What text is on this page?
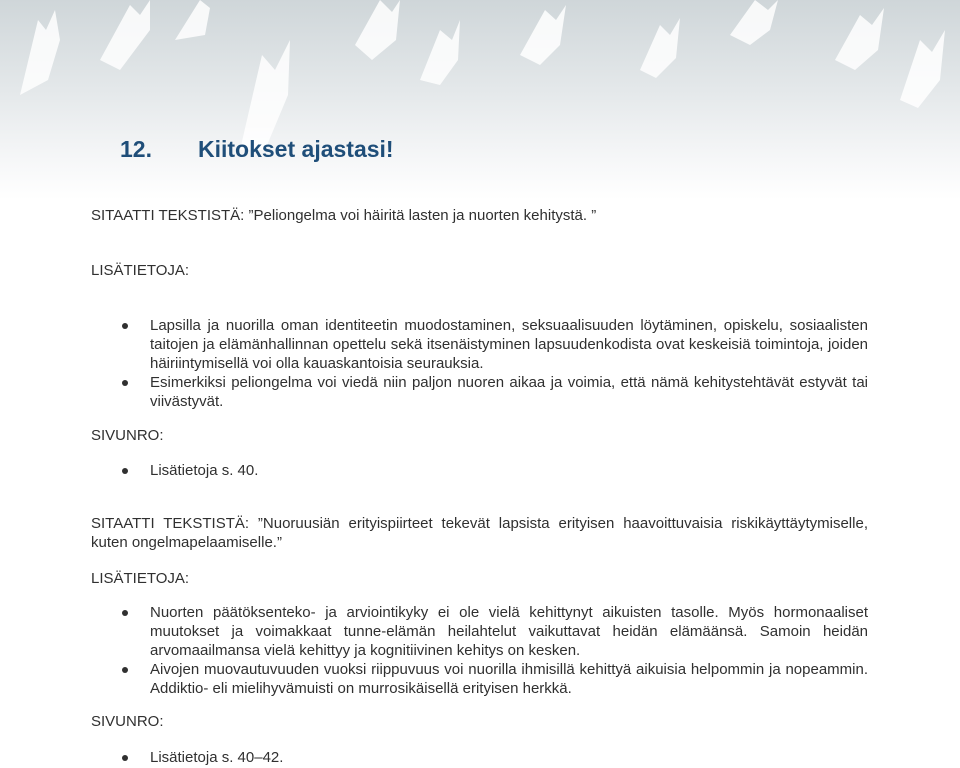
12. Kiitokset ajastasi!

SITAATTI TEKSTISTÄ: ”Peliongelma voi häiritä lasten ja nuorten kehitystä. ”

LISÄTIETOJA:

Lapsilla ja nuorilla oman identiteetin muodostaminen, seksuaalisuuden löytäminen, opiskelu, sosiaalisten taitojen ja elämänhallinnan opettelu sekä itsenäistyminen lapsuudenkodista ovat keskeisiä toimintoja, joiden häiriintymisellä voi olla kauaskantoisia seurauksia.
Esimerkiksi peliongelma voi viedä niin paljon nuoren aikaa ja voimia, että nämä kehitystehtävät estyvät tai viivästyvät.

SIVUNRO:

Lisätietoja s. 40.

SITAATTI TEKSTISTÄ: ”Nuoruusiän erityispiirteet tekevät lapsista erityisen haavoittuvaisia riskikäyttäytymiselle, kuten ongelmapelaamiselle.”

LISÄTIETOJA:

Nuorten päätöksenteko- ja arviointikyky ei ole vielä kehittynyt aikuisten tasolle. Myös hormonaaliset muutokset ja voimakkaat tunne-elämän heilahtelut vaikuttavat heidän elämäänsä. Samoin heidän arvomaailmansa vielä kehittyy ja kognitiivinen kehitys on kesken.
Aivojen muovautuvuuden vuoksi riippuvuus voi nuorilla ihmisillä kehittyä aikuisia helpommin ja nopeammin. Addiktio- eli mielihyvämuisti on murrosikäisellä erityisen herkkä.

SIVUNRO:

Lisätietoja s. 40–42.
